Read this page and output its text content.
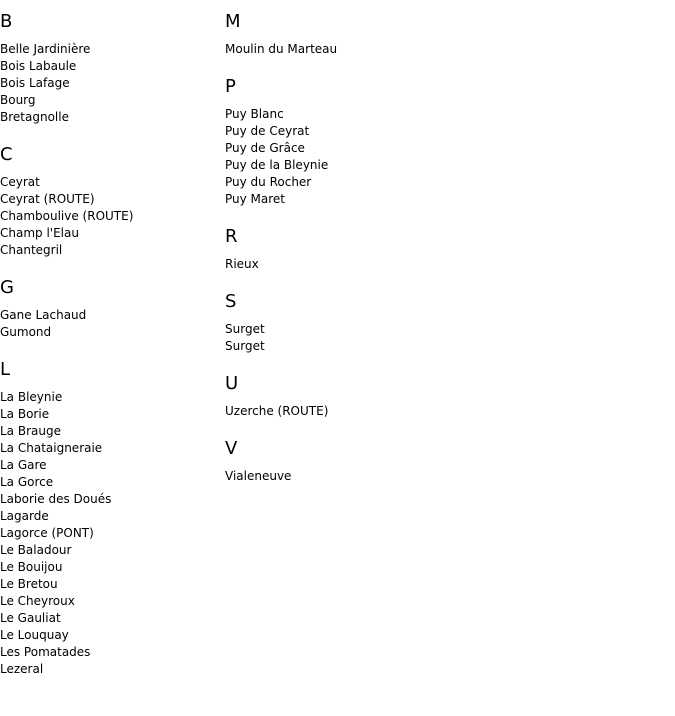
B
Belle Jardinière
Bois Labaule
Bois Lafage
Bourg
Bretagnolle
C
Ceyrat
Ceyrat (ROUTE)
Chamboulive (ROUTE)
Champ l'Elau
Chantegril
G
Gane Lachaud
Gumond
L
La Bleynie
La Borie
La Brauge
La Chataigneraie
La Gare
La Gorce
Laborie des Doués
Lagarde
Lagorce (PONT)
Le Baladour
Le Bouijou
Le Bretou
Le Cheyroux
Le Gauliat
Le Louquay
Les Pomatades
Lezeral
M
Moulin du Marteau
P
Puy Blanc
Puy de Ceyrat
Puy de Grâce
Puy de la Bleynie
Puy du Rocher
Puy Maret
R
Rieux
S
Surget
Surget
U
Uzerche (ROUTE)
V
Vialeneuve
